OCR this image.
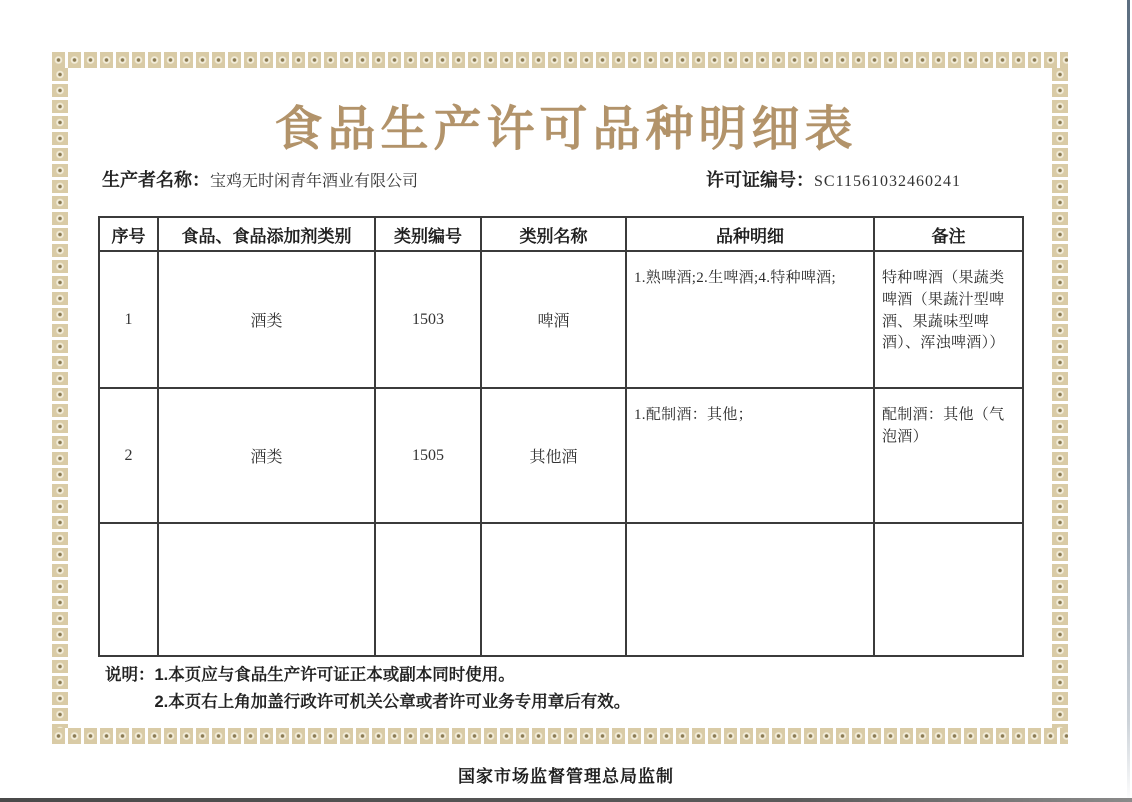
食品生产许可品种明细表
生产者名称：宝鸡无时闲青年酒业有限公司	许可证编号：SC11561032460241
序号	食品、食品添加剂类别	类别编号	类别名称	品种明细	备注
1	酒类	1503	啤酒	1.熟啤酒;2.生啤酒;4.特种啤酒;	特种啤酒（果蔬类啤酒（果蔬汁型啤酒、果蔬味型啤酒）、浑浊啤酒））
2	酒类	1505	其他酒	1.配制酒：其他；	配制酒：其他（气泡酒）

说明： 1.本页应与食品生产许可证正本或副本同时使用。
2.本页右上角加盖行政许可机关公章或者许可业务专用章后有效。
国家市场监督管理总局监制
